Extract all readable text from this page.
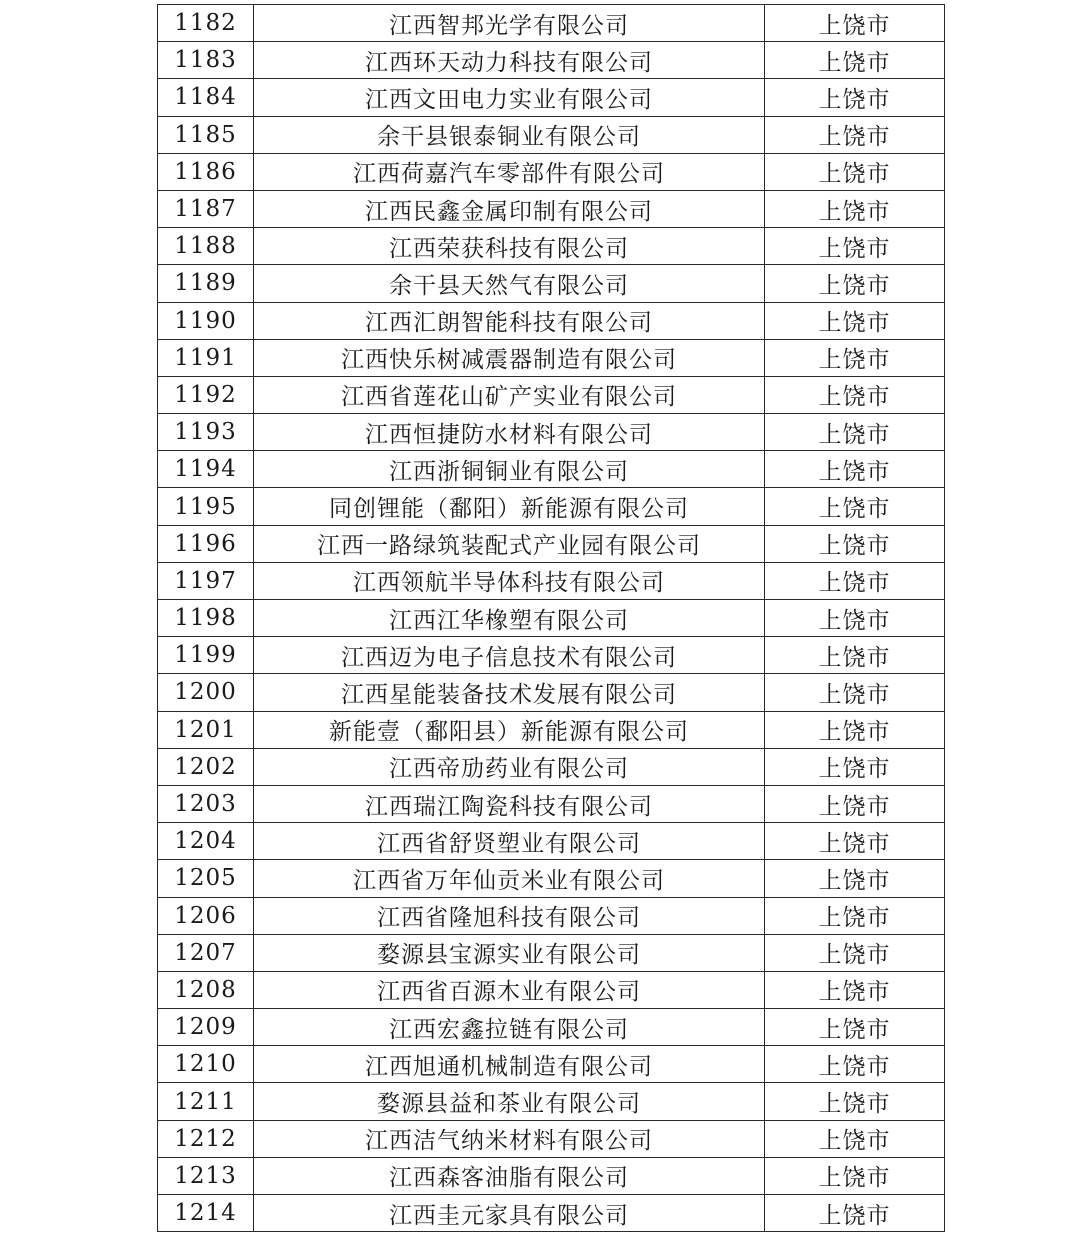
1182	江西智邦光学有限公司	上饶市
1183	江西环天动力科技有限公司	上饶市
1184	江西文田电力实业有限公司	上饶市
1185	余干县银泰铜业有限公司	上饶市
1186	江西荷嘉汽车零部件有限公司	上饶市
1187	江西民鑫金属印制有限公司	上饶市
1188	江西荣获科技有限公司	上饶市
1189	余干县天然气有限公司	上饶市
1190	江西汇朗智能科技有限公司	上饶市
1191	江西快乐树减震器制造有限公司	上饶市
1192	江西省莲花山矿产实业有限公司	上饶市
1193	江西恒捷防水材料有限公司	上饶市
1194	江西浙铜铜业有限公司	上饶市
1195	同创锂能（鄱阳）新能源有限公司	上饶市
1196	江西一路绿筑装配式产业园有限公司	上饶市
1197	江西领航半导体科技有限公司	上饶市
1198	江西江华橡塑有限公司	上饶市
1199	江西迈为电子信息技术有限公司	上饶市
1200	江西星能装备技术发展有限公司	上饶市
1201	新能壹（鄱阳县）新能源有限公司	上饶市
1202	江西帝劢药业有限公司	上饶市
1203	江西瑞江陶瓷科技有限公司	上饶市
1204	江西省舒贤塑业有限公司	上饶市
1205	江西省万年仙贡米业有限公司	上饶市
1206	江西省隆旭科技有限公司	上饶市
1207	婺源县宝源实业有限公司	上饶市
1208	江西省百源木业有限公司	上饶市
1209	江西宏鑫拉链有限公司	上饶市
1210	江西旭通机械制造有限公司	上饶市
1211	婺源县益和茶业有限公司	上饶市
1212	江西洁气纳米材料有限公司	上饶市
1213	江西森客油脂有限公司	上饶市
1214	江西圭元家具有限公司	上饶市
